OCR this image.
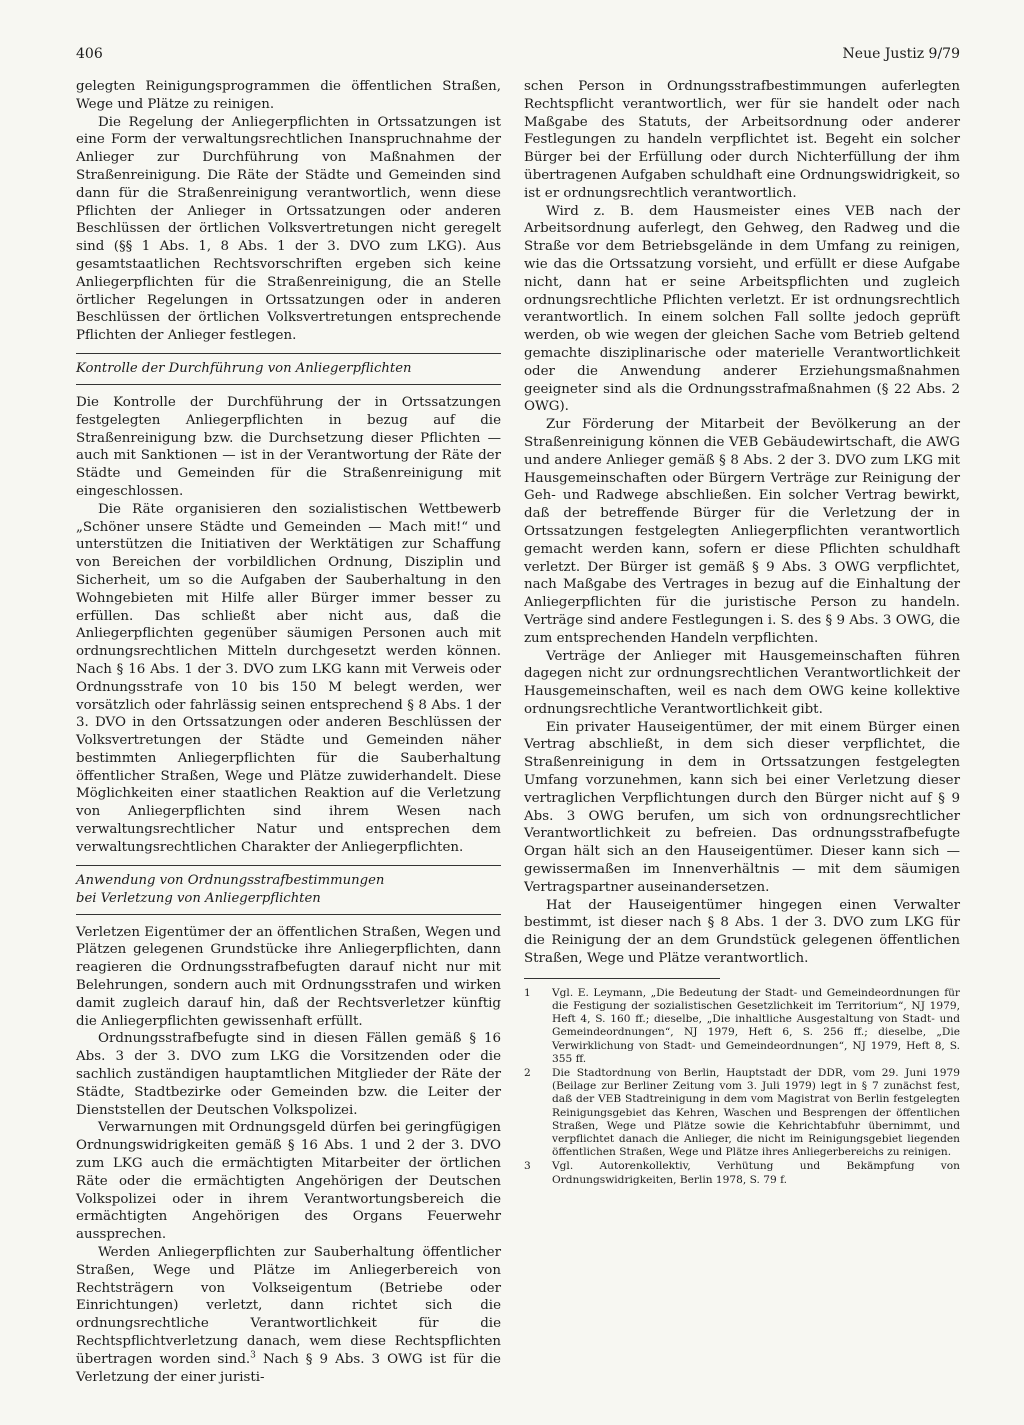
406	Neue Justiz 9/79

gelegten Reinigungsprogrammen die öffentlichen Straßen, Wege und Plätze zu reinigen.

Die Regelung der Anliegerpflichten in Ortssatzungen ist eine Form der verwaltungsrechtlichen Inanspruchnahme der Anlieger zur Durchführung von Maßnahmen der Straßenreinigung. Die Räte der Städte und Gemeinden sind dann für die Straßenreinigung verantwortlich, wenn diese Pflichten der Anlieger in Ortssatzungen oder anderen Beschlüssen der örtlichen Volksvertretungen nicht geregelt sind (§§ 1 Abs. 1, 8 Abs. 1 der 3. DVO zum LKG). Aus gesamtstaatlichen Rechtsvorschriften ergeben sich keine Anliegerpflichten für die Straßenreinigung, die an Stelle örtlicher Regelungen in Ortssatzungen oder in anderen Beschlüssen der örtlichen Volksvertretungen entsprechende Pflichten der Anlieger festlegen.

Kontrolle der Durchführung von Anliegerpflichten

Die Kontrolle der Durchführung der in Ortssatzungen festgelegten Anliegerpflichten in bezug auf die Straßenreinigung bzw. die Durchsetzung dieser Pflichten — auch mit Sanktionen — ist in der Verantwortung der Räte der Städte und Gemeinden für die Straßenreinigung mit eingeschlossen.

Die Räte organisieren den sozialistischen Wettbewerb „Schöner unsere Städte und Gemeinden — Mach mit!“ und unterstützen die Initiativen der Werktätigen zur Schaffung von Bereichen der vorbildlichen Ordnung, Disziplin und Sicherheit, um so die Aufgaben der Sauberhaltung in den Wohngebieten mit Hilfe aller Bürger immer besser zu erfüllen. Das schließt aber nicht aus, daß die Anliegerpflichten gegenüber säumigen Personen auch mit ordnungsrechtlichen Mitteln durchgesetzt werden können. Nach § 16 Abs. 1 der 3. DVO zum LKG kann mit Verweis oder Ordnungsstrafe von 10 bis 150 M belegt werden, wer vorsätzlich oder fahrlässig seinen entsprechend § 8 Abs. 1 der 3. DVO in den Ortssatzungen oder anderen Beschlüssen der Volksvertretungen der Städte und Gemeinden näher bestimmten Anliegerpflichten für die Sauberhaltung öffentlicher Straßen, Wege und Plätze zuwiderhandelt. Diese Möglichkeiten einer staatlichen Reaktion auf die Verletzung von Anliegerpflichten sind ihrem Wesen nach verwaltungsrechtlicher Natur und entsprechen dem verwaltungsrechtlichen Charakter der Anliegerpflichten.

Anwendung von Ordnungsstrafbestimmungen
bei Verletzung von Anliegerpflichten

Verletzen Eigentümer der an öffentlichen Straßen, Wegen und Plätzen gelegenen Grundstücke ihre Anliegerpflichten, dann reagieren die Ordnungsstrafbefugten darauf nicht nur mit Belehrungen, sondern auch mit Ordnungsstrafen und wirken damit zugleich darauf hin, daß der Rechtsverletzer künftig die Anliegerpflichten gewissenhaft erfüllt.

Ordnungsstrafbefugte sind in diesen Fällen gemäß § 16 Abs. 3 der 3. DVO zum LKG die Vorsitzenden oder die sachlich zuständigen hauptamtlichen Mitglieder der Räte der Städte, Stadtbezirke oder Gemeinden bzw. die Leiter der Dienststellen der Deutschen Volkspolizei.

Verwarnungen mit Ordnungsgeld dürfen bei geringfügigen Ordnungswidrigkeiten gemäß § 16 Abs. 1 und 2 der 3. DVO zum LKG auch die ermächtigten Mitarbeiter der örtlichen Räte oder die ermächtigten Angehörigen der Deutschen Volkspolizei oder in ihrem Verantwortungsbereich die ermächtigten Angehörigen des Organs Feuerwehr aussprechen.

Werden Anliegerpflichten zur Sauberhaltung öffentlicher Straßen, Wege und Plätze im Anliegerbereich von Rechtsträgern von Volkseigentum (Betriebe oder Einrichtungen) verletzt, dann richtet sich die ordnungsrechtliche Verantwortlichkeit für die Rechtspflichtverletzung danach, wem diese Rechtspflichten übertragen worden sind.$^3$ Nach § 9 Abs. 3 OWG ist für die Verletzung der einer juristi-

schen Person in Ordnungsstrafbestimmungen auferlegten Rechtspflicht verantwortlich, wer für sie handelt oder nach Maßgabe des Statuts, der Arbeitsordnung oder anderer Festlegungen zu handeln verpflichtet ist. Begeht ein solcher Bürger bei der Erfüllung oder durch Nichterfüllung der ihm übertragenen Aufgaben schuldhaft eine Ordnungswidrigkeit, so ist er ordnungsrechtlich verantwortlich.

Wird z. B. dem Hausmeister eines VEB nach der Arbeitsordnung auferlegt, den Gehweg, den Radweg und die Straße vor dem Betriebsgelände in dem Umfang zu reinigen, wie das die Ortssatzung vorsieht, und erfüllt er diese Aufgabe nicht, dann hat er seine Arbeitspflichten und zugleich ordnungsrechtliche Pflichten verletzt. Er ist ordnungsrechtlich verantwortlich. In einem solchen Fall sollte jedoch geprüft werden, ob wie wegen der gleichen Sache vom Betrieb geltend gemachte disziplinarische oder materielle Verantwortlichkeit oder die Anwendung anderer Erziehungsmaßnahmen geeigneter sind als die Ordnungsstrafmaßnahmen (§ 22 Abs. 2 OWG).

Zur Förderung der Mitarbeit der Bevölkerung an der Straßenreinigung können die VEB Gebäudewirtschaft, die AWG und andere Anlieger gemäß § 8 Abs. 2 der 3. DVO zum LKG mit Hausgemeinschaften oder Bürgern Verträge zur Reinigung der Geh- und Radwege abschließen. Ein solcher Vertrag bewirkt, daß der betreffende Bürger für die Verletzung der in Ortssatzungen festgelegten Anliegerpflichten verantwortlich gemacht werden kann, sofern er diese Pflichten schuldhaft verletzt. Der Bürger ist gemäß § 9 Abs. 3 OWG verpflichtet, nach Maßgabe des Vertrages in bezug auf die Einhaltung der Anliegerpflichten für die juristische Person zu handeln. Verträge sind andere Festlegungen i. S. des § 9 Abs. 3 OWG, die zum entsprechenden Handeln verpflichten.

Verträge der Anlieger mit Hausgemeinschaften führen dagegen nicht zur ordnungsrechtlichen Verantwortlichkeit der Hausgemeinschaften, weil es nach dem OWG keine kollektive ordnungsrechtliche Verantwortlichkeit gibt.

Ein privater Hauseigentümer, der mit einem Bürger einen Vertrag abschließt, in dem sich dieser verpflichtet, die Straßenreinigung in dem in Ortssatzungen festgelegten Umfang vorzunehmen, kann sich bei einer Verletzung dieser vertraglichen Verpflichtungen durch den Bürger nicht auf § 9 Abs. 3 OWG berufen, um sich von ordnungsrechtlicher Verantwortlichkeit zu befreien. Das ordnungsstrafbefugte Organ hält sich an den Hauseigentümer. Dieser kann sich — gewissermaßen im Innenverhältnis — mit dem säumigen Vertragspartner auseinandersetzen.

Hat der Hauseigentümer hingegen einen Verwalter bestimmt, ist dieser nach § 8 Abs. 1 der 3. DVO zum LKG für die Reinigung der an dem Grundstück gelegenen öffentlichen Straßen, Wege und Plätze verantwortlich.

1	Vgl. E. Leymann, „Die Bedeutung der Stadt- und Gemeindeordnungen für die Festigung der sozialistischen Gesetzlichkeit im Territorium“, NJ 1979, Heft 4, S. 160 ff.; dieselbe, „Die inhaltliche Ausgestaltung von Stadt- und Gemeindeordnungen“, NJ 1979, Heft 6, S. 256 ff.; dieselbe, „Die Verwirklichung von Stadt- und Gemeindeordnungen“, NJ 1979, Heft 8, S. 355 ff.
2	Die Stadtordnung von Berlin, Hauptstadt der DDR, vom 29. Juni 1979 (Beilage zur Berliner Zeitung vom 3. Juli 1979) legt in § 7 zunächst fest, daß der VEB Stadtreinigung in dem vom Magistrat von Berlin festgelegten Reinigungsgebiet das Kehren, Waschen und Besprengen der öffentlichen Straßen, Wege und Plätze sowie die Kehrichtabfuhr übernimmt, und verpflichtet danach die Anlieger, die nicht im Reinigungsgebiet liegenden öffentlichen Straßen, Wege und Plätze ihres Anliegerbereichs zu reinigen.
3	Vgl. Autorenkollektiv, Verhütung und Bekämpfung von Ordnungswidrigkeiten, Berlin 1978, S. 79 f.
